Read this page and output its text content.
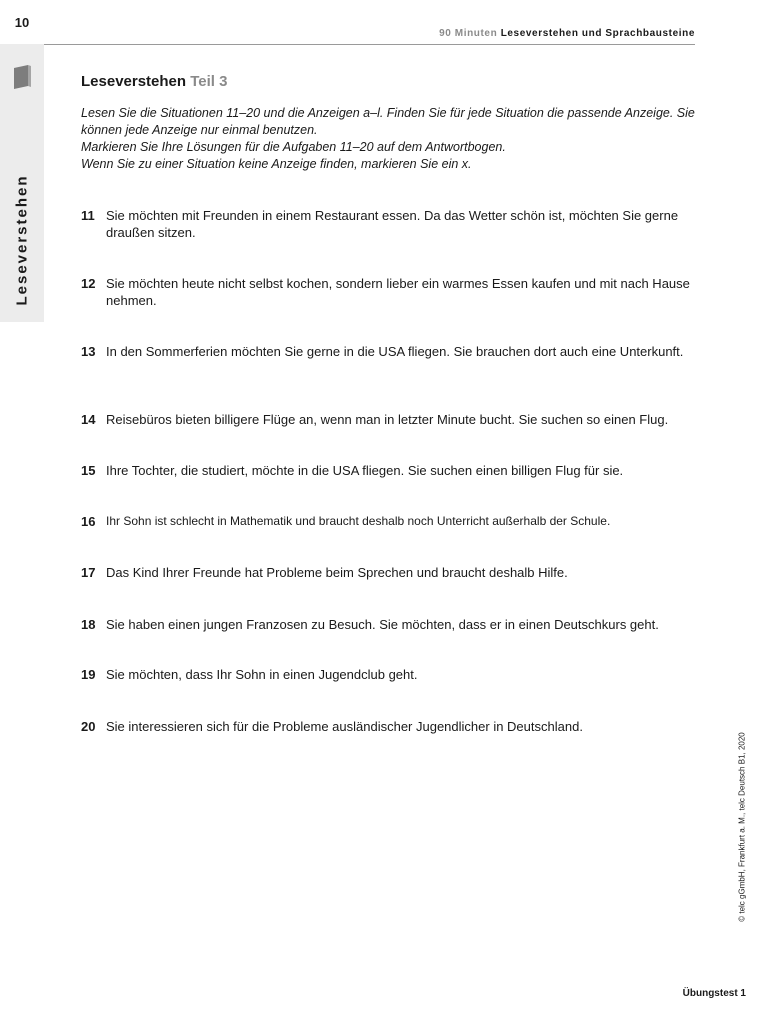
10
Leseverstehen
90 Minuten Leseverstehen und Sprachbausteine
Leseverstehen Teil 3

Lesen Sie die Situationen 11–20 und die Anzeigen a–l. Finden Sie für jede Situation die passende Anzeige. Sie können jede Anzeige nur einmal benutzen.

Markieren Sie Ihre Lösungen für die Aufgaben 11–20 auf dem Antwortbogen.

Wenn Sie zu einer Situation keine Anzeige finden, markieren Sie ein x.

11 Sie möchten mit Freunden in einem Restaurant essen. Da das Wetter schön ist, möchten Sie gerne draußen sitzen.
12 Sie möchten heute nicht selbst kochen, sondern lieber ein warmes Essen kaufen und mit nach Hause nehmen.
13 In den Sommerferien möchten Sie gerne in die USA fliegen. Sie brauchen dort auch eine Unterkunft.
14 Reisebüros bieten billigere Flüge an, wenn man in letzter Minute bucht. Sie suchen so einen Flug.
15 Ihre Tochter, die studiert, möchte in die USA fliegen. Sie suchen einen billigen Flug für sie.
16 Ihr Sohn ist schlecht in Mathematik und braucht deshalb noch Unterricht außerhalb der Schule.
17 Das Kind Ihrer Freunde hat Probleme beim Sprechen und braucht deshalb Hilfe.
18 Sie haben einen jungen Franzosen zu Besuch. Sie möchten, dass er in einen Deutschkurs geht.
19 Sie möchten, dass Ihr Sohn in einen Jugendclub geht.
20 Sie interessieren sich für die Probleme ausländischer Jugendlicher in Deutschland.
© telc gGmbH, Frankfurt a. M., telc Deutsch B1, 2020
Übungstest 1
